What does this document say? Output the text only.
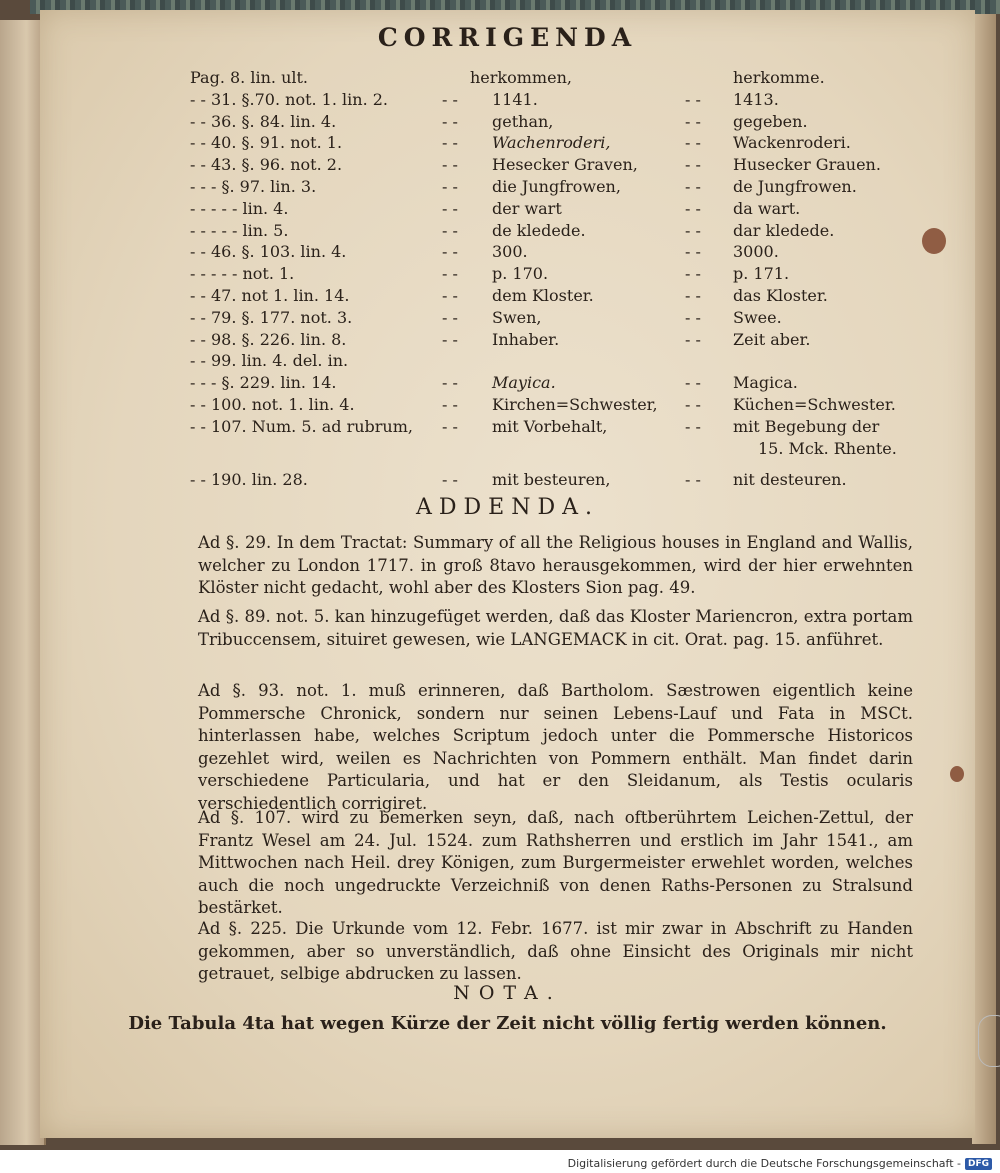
CORRIGENDA
Pag. 8. lin. ult.	herkommen,	herkomme.
- - 31. §.70. not. 1. lin. 2.	- - 1141.	- - 1413.
- - 36. §. 84. lin. 4.	- - gethan,	- - gegeben.
- - 40. §. 91. not. 1.	- - Wachenroderi,	- - Wackenroderi.
- - 43. §. 96. not. 2.	- - Hesecker Graven,	- - Husecker Grauen.
- - - §. 97. lin. 3.	- - die Jungfrowen,	- - de Jungfrowen.
- - - - - lin. 4.	- - der wart	- - da wart.
- - - - - lin. 5.	- - de kledede.	- - dar kledede.
- - 46. §. 103. lin. 4.	- - 300.	- - 3000.
- - - - - not. 1.	- - p. 170.	- - p. 171.
- - 47. not 1. lin. 14.	- - dem Kloster.	- - das Kloster.
- - 79. §. 177. not. 3.	- - Swen,	- - Swee.
- - 98. §. 226. lin. 8.	- - Inhaber.	- - Zeit aber.
- - 99. lin. 4. del. in.
- - - §. 229. lin. 14.	- - Mayica.	- - Magica.
- - 100. not. 1. lin. 4.	- - Kirchen=Schwester, - - Küchen=Schwester.
- - 107. Num. 5. ad rubrum, - - mit Vorbehalt,	- - mit Begebung der
15. Mck. Rhente.
- - 190. lin. 28.	- - mit besteuren,	- - nit desteuren.
ADDENDA.
Ad §. 29. In dem Tractat: Summary of all the Religious houses in England and Wallis, welcher zu London 1717. in groß 8tavo herausgekommen, wird der hier erwehnten Klöster nicht gedacht, wohl aber des Klosters Sion pag. 49.
Ad §. 89. not. 5. kan hinzugefüget werden, daß das Kloster Mariencron, extra portam Tribuccensem, situiret gewesen, wie LANGEMACK in cit. Orat. pag. 15. anführet.
Ad §. 93. not. 1. muß erinneren, daß Bartholom. Sæstrowen eigentlich keine Pommersche Chronick, sondern nur seinen Lebens-Lauf und Fata in MSCt. hinterlassen habe, welches Scriptum jedoch unter die Pommersche Historicos gezehlet wird, weilen es Nachrichten von Pommern enthält. Man findet darin verschiedene Particularia, und hat er den Sleidanum, als Testis ocularis verschiedentlich corrigiret.
Ad §. 107. wird zu bemerken seyn, daß, nach oftberührtem Leichen-Zettul, der Frantz Wesel am 24. Jul. 1524. zum Rathsherren und erstlich im Jahr 1541., am Mittwochen nach Heil. drey Königen, zum Burgermeister erwehlet worden, welches auch die noch ungedruckte Verzeichniß von denen Raths-Personen zu Stralsund bestärket.
Ad §. 225. Die Urkunde vom 12. Febr. 1677. ist mir zwar in Abschrift zu Handen gekommen, aber so unverständlich, daß ohne Einsicht des Originals mir nicht getrauet, selbige abdrucken zu lassen.
NOTA.
Die Tabula 4ta hat wegen Kürze der Zeit nicht völlig fertig werden können.
Digitalisierung gefördert durch die Deutsche Forschungsgemeinschaft - DFG
